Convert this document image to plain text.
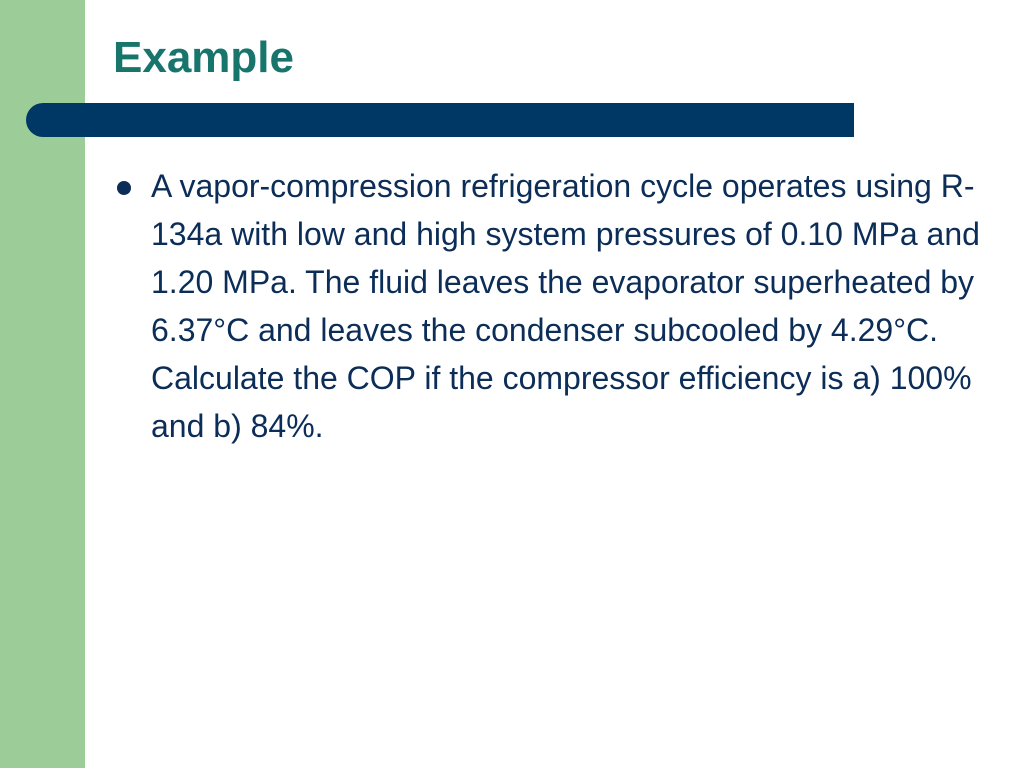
Example
A vapor-compression refrigeration cycle operates using R-134a with low and high system pressures of 0.10 MPa and 1.20 MPa. The fluid leaves the evaporator superheated by 6.37°C and leaves the condenser subcooled by 4.29°C. Calculate the COP if the compressor efficiency is a) 100% and b) 84%.
